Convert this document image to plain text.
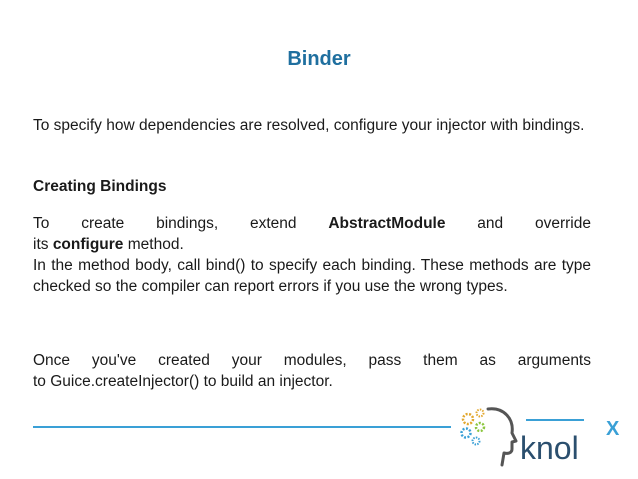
Binder
To specify how dependencies are resolved, configure your injector with bindings.
Creating Bindings
To create bindings, extend AbstractModule and override
its configure method.
In the method body, call bind() to specify each binding. These methods are type checked so the compiler can report errors if you use the wrong types.
Once you've created your modules, pass them as arguments
to Guice.createInjector() to build an injector.
knol
X
